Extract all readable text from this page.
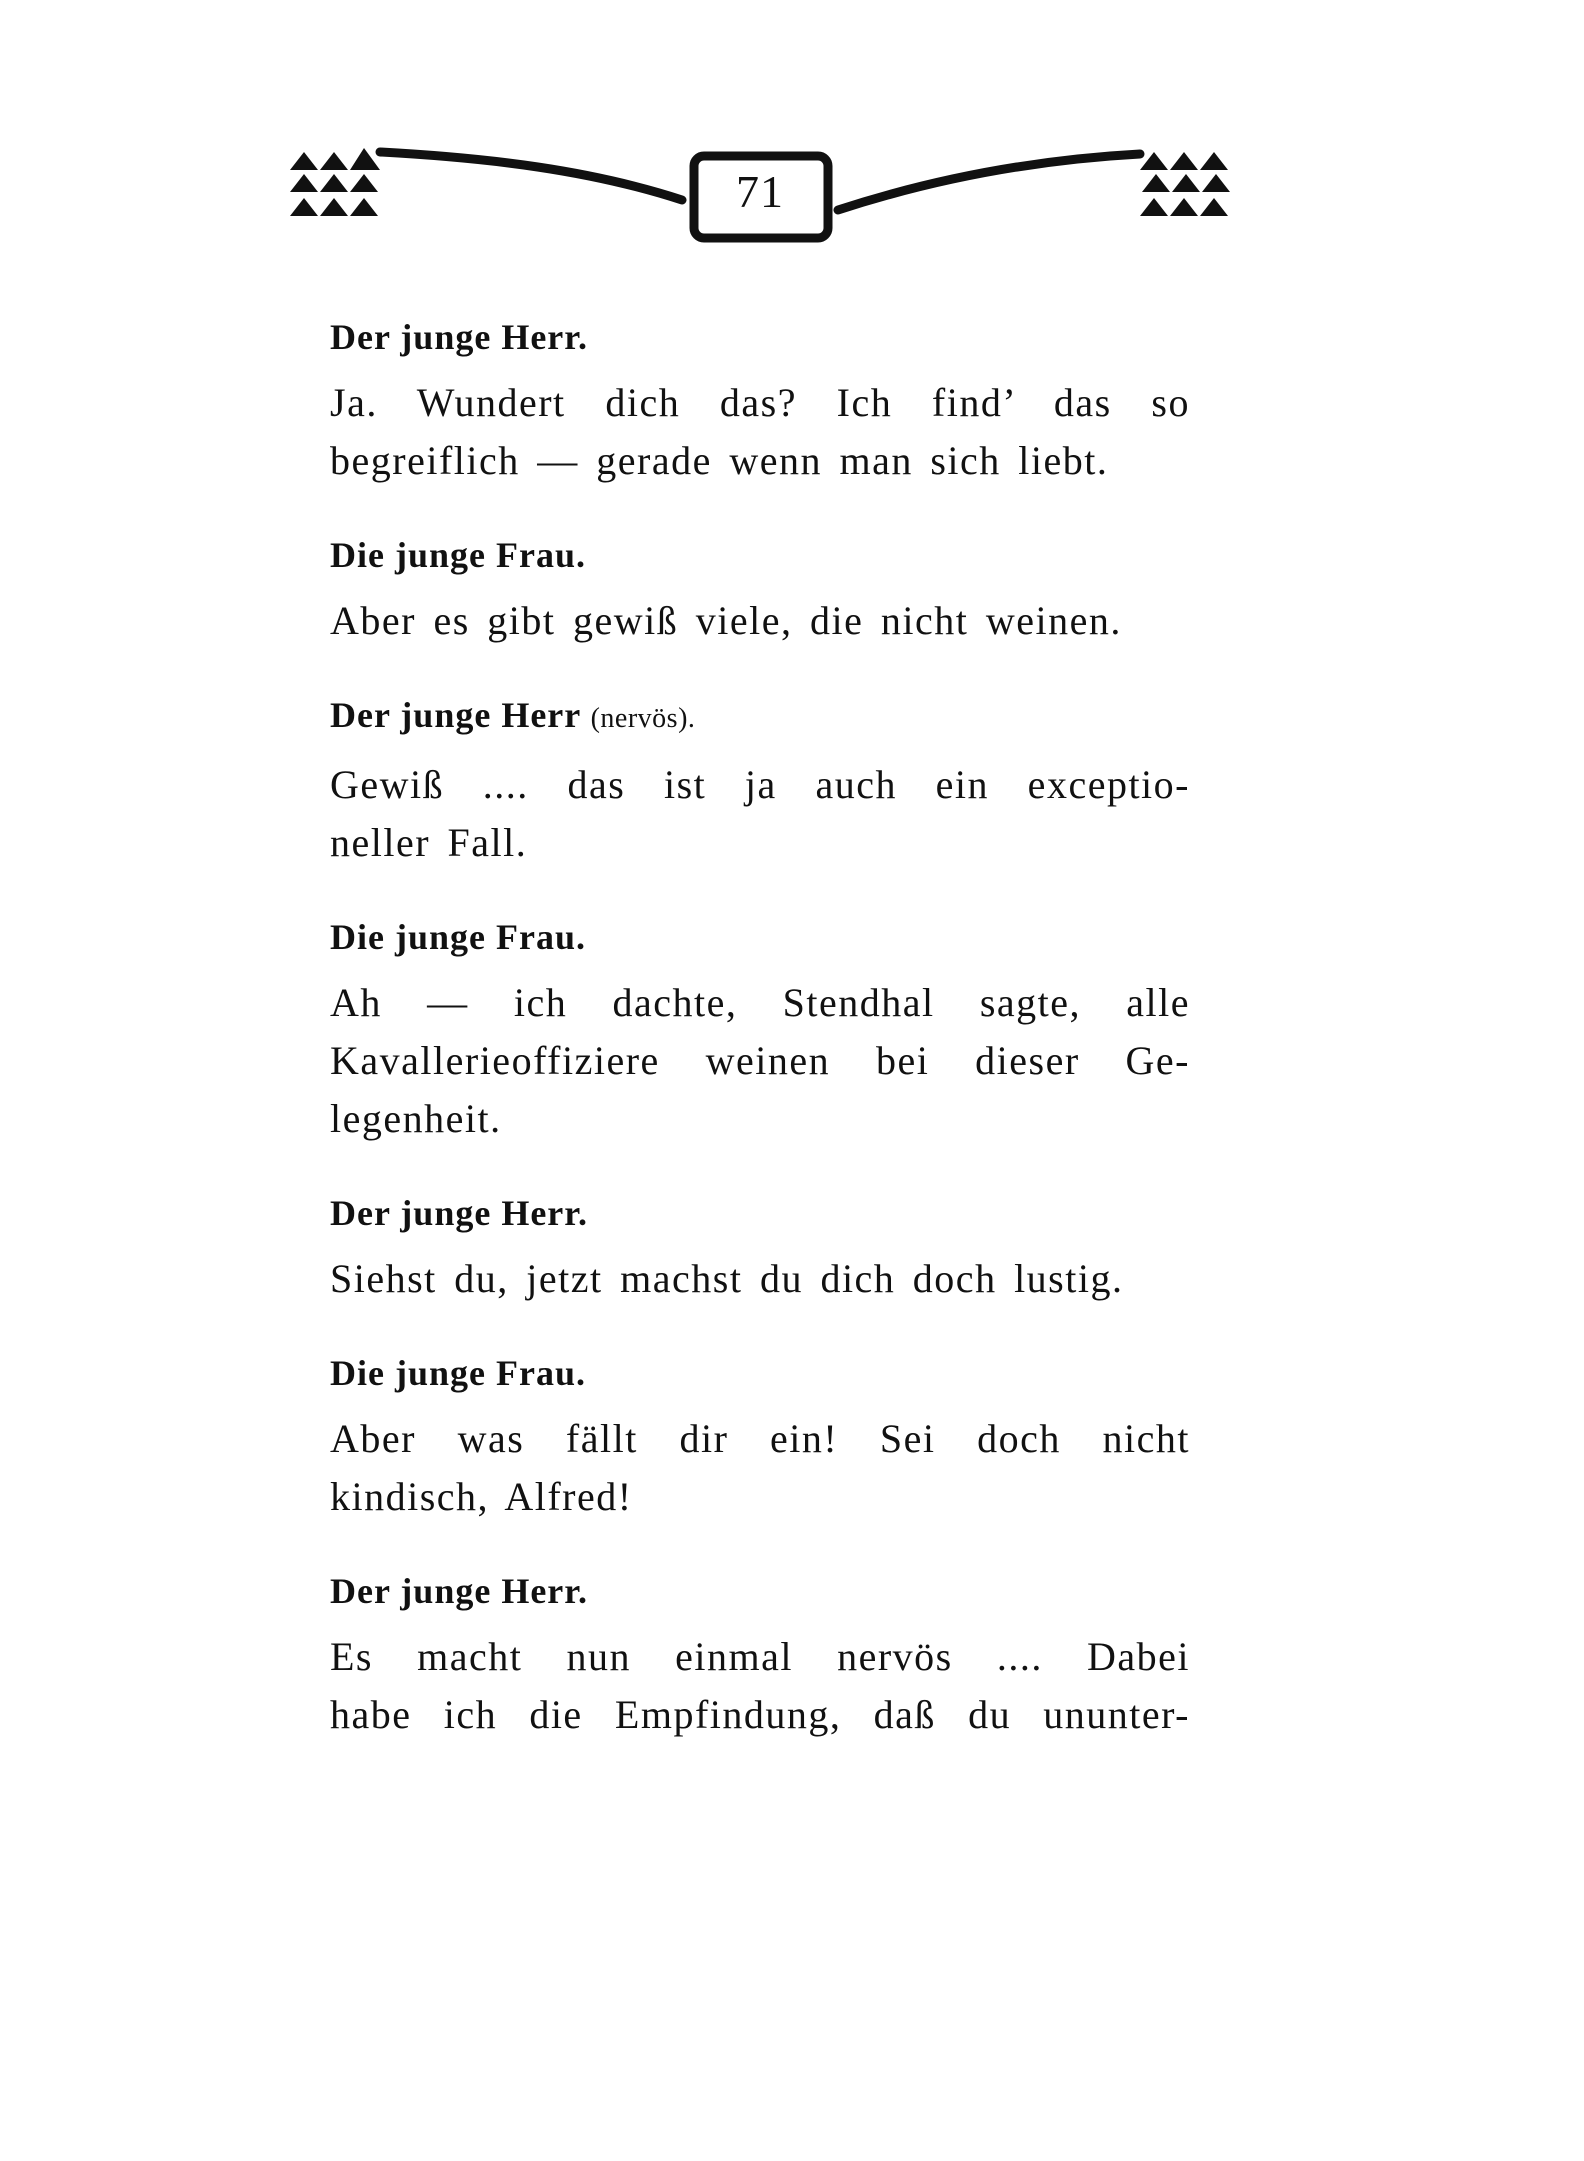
71
Der junge Herr.
Ja. Wundert dich das? Ich find’ das so
begreiflich — gerade wenn man sich liebt.
Die junge Frau.
Aber es gibt gewiß viele, die nicht weinen.
Der junge Herr (nervös).
Gewiß .... das ist ja auch ein exceptio-
neller Fall.
Die junge Frau.
Ah — ich dachte, Stendhal sagte, alle
Kavallerieoffiziere weinen bei dieser Ge-
legenheit.
Der junge Herr.
Siehst du, jetzt machst du dich doch lustig.
Die junge Frau.
Aber was fällt dir ein! Sei doch nicht
kindisch, Alfred!
Der junge Herr.
Es macht nun einmal nervös .... Dabei
habe ich die Empfindung, daß du ununter-
